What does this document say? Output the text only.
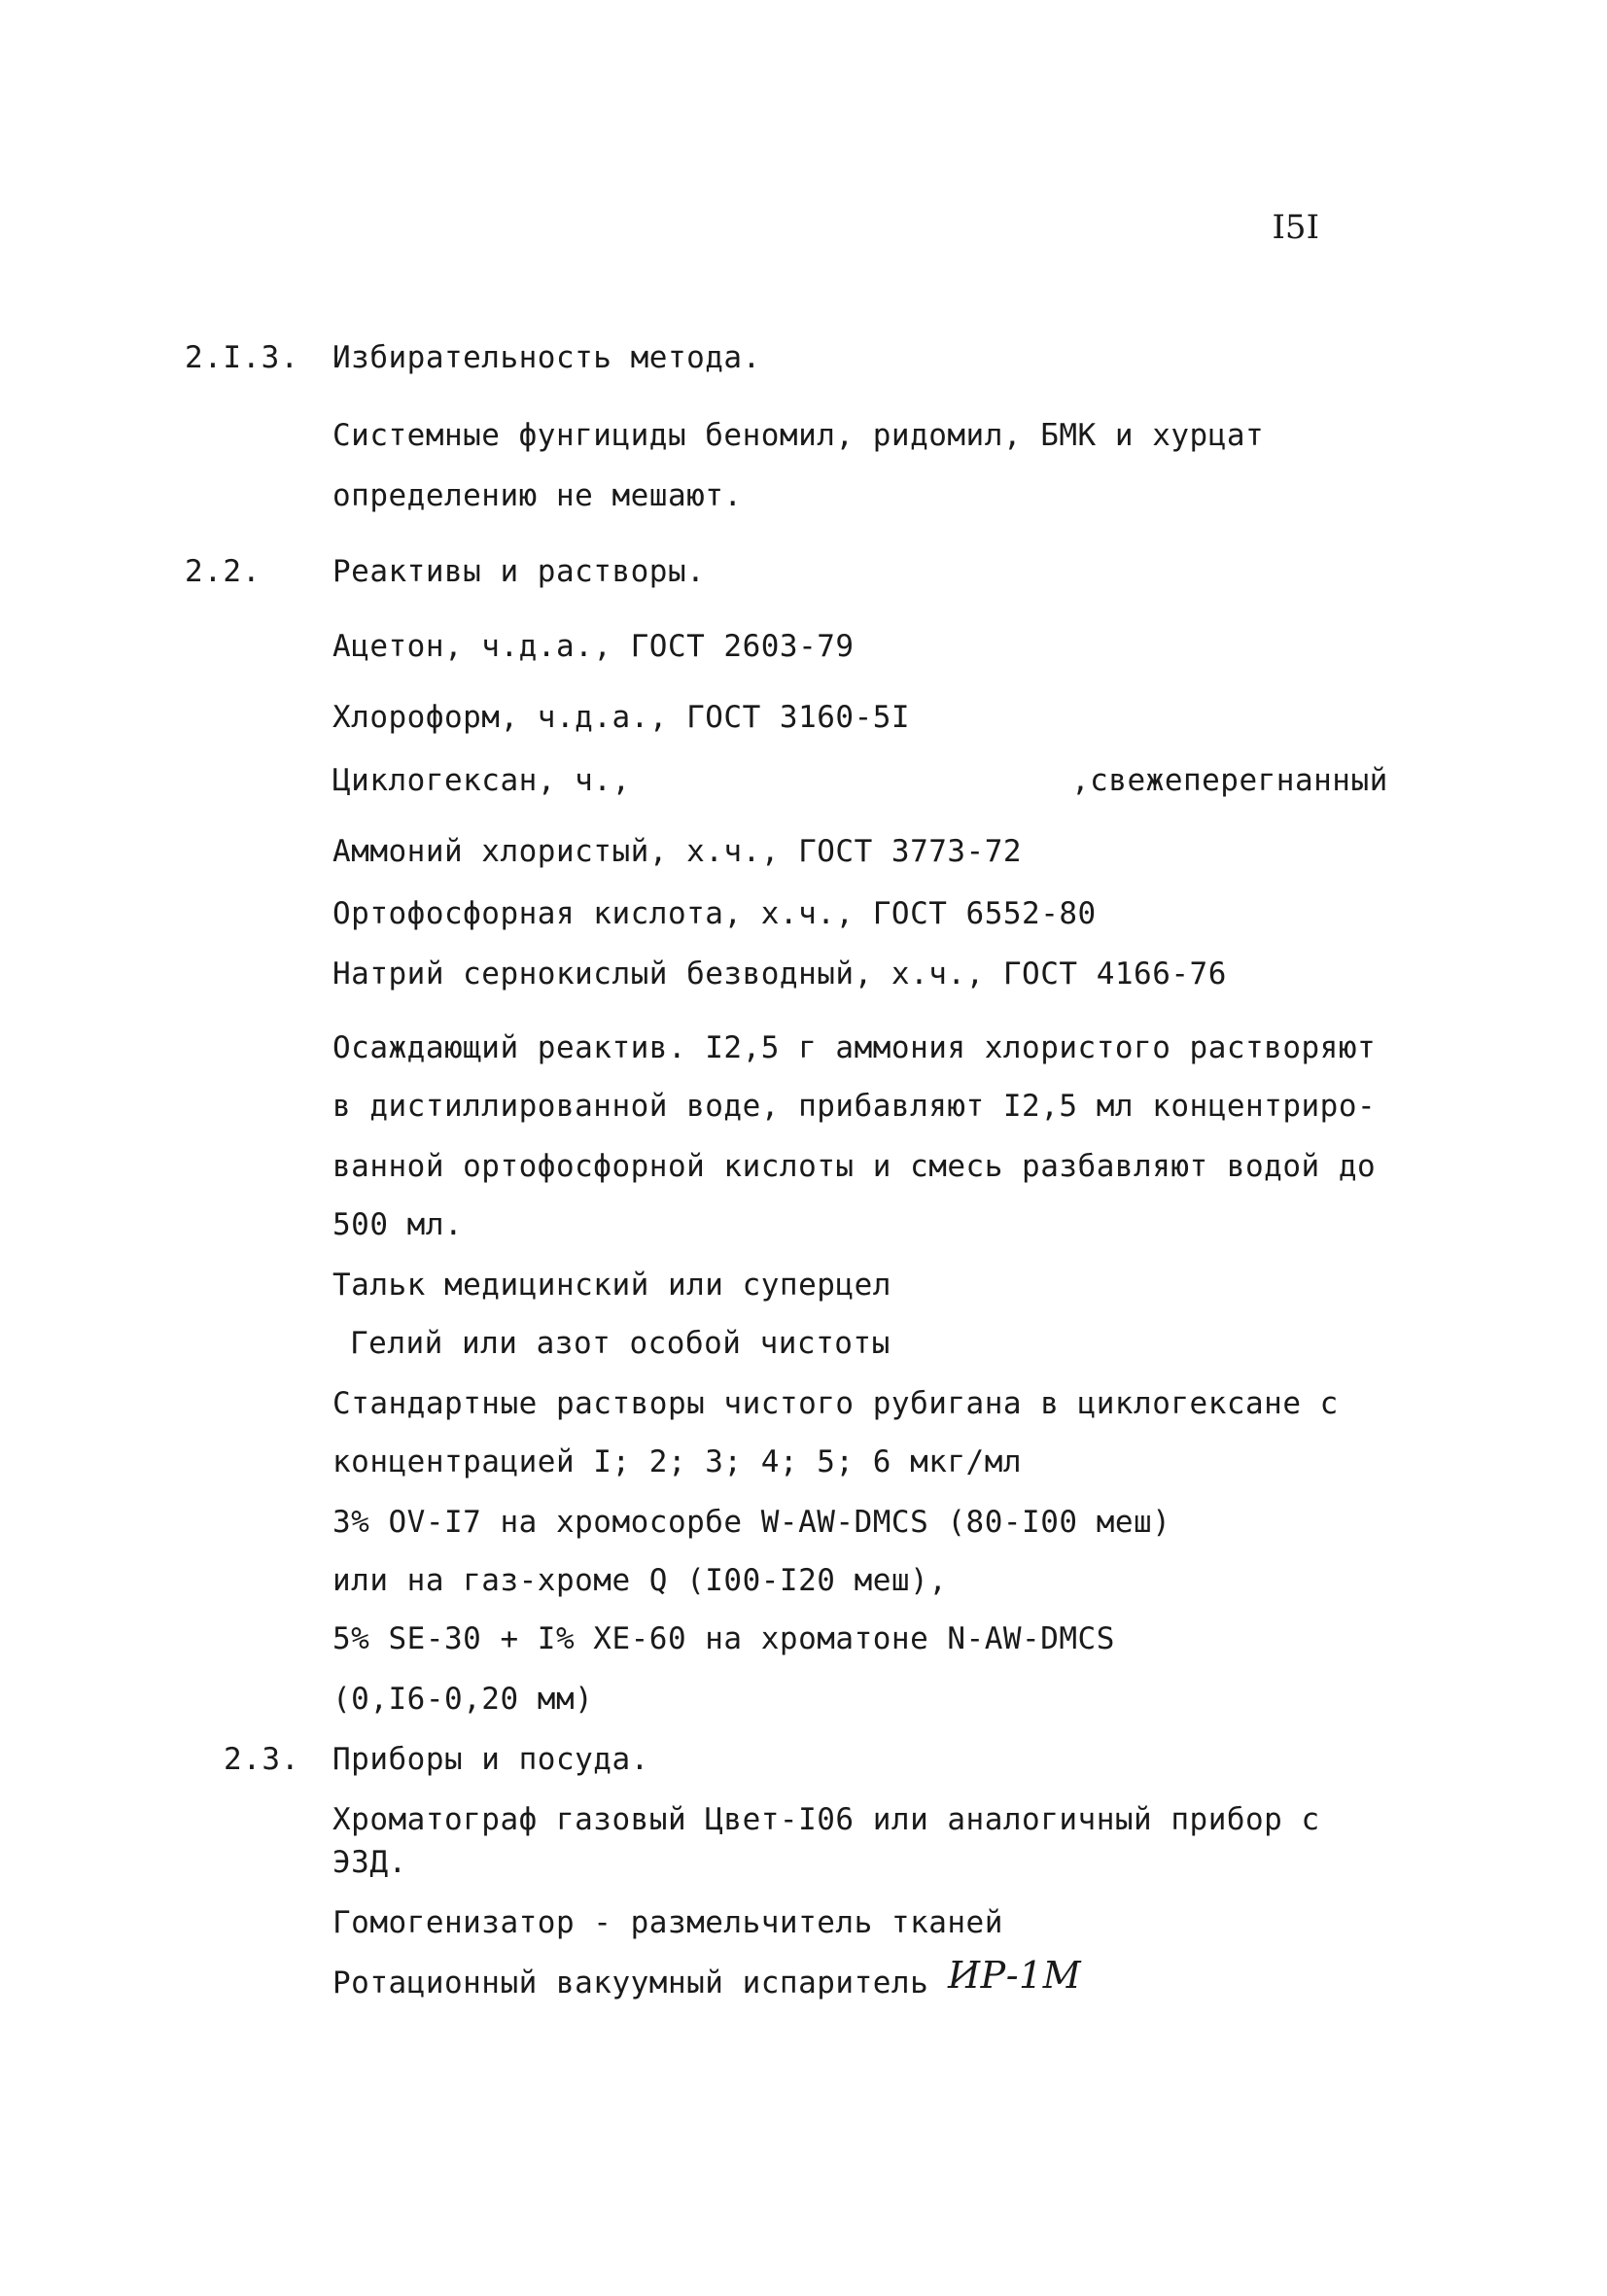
I5I
2.I.3. Избирательность метода.
Системные фунгициды беномил, ридомил, БМК и хурцат
определению не мешают.
2.2. Реактивы и растворы.
Ацетон, ч.д.а., ГОСТ 2603-79
Хлороформ, ч.д.а., ГОСТ 3160-5I
Циклогексан, ч.,	,свежеперегнанный
Аммоний хлористый, х.ч., ГОСТ 3773-72
Ортофосфорная кислота, х.ч., ГОСТ 6552-80
Натрий сернокислый безводный, х.ч., ГОСТ 4166-76
Осаждающий реактив. I2,5 г аммония хлористого растворяют
в дистиллированной воде, прибавляют I2,5 мл концентриро-
ванной ортофосфорной кислоты и смесь разбавляют водой до
500 мл.
Тальк медицинский или суперцел
Гелий или азот особой чистоты
Стандартные растворы чистого рубигана в циклогексане с
концентрацией I; 2; 3; 4; 5; 6 мкг/мл
3% OV-I7 на хромосорбе W-AW-DMCS (80-I00 меш)
или на газ-хроме Q (I00-I20 меш),
5% SE-30 + I% XE-60 на хроматоне N-AW-DMCS
(0,I6-0,20 мм)
2.3. Приборы и посуда.
Хроматограф газовый Цвет-I06 или аналогичный прибор с
ЭЗД.
Гомогенизатор - размельчитель тканей
Ротационный вакуумный испаритель ИР-1М
